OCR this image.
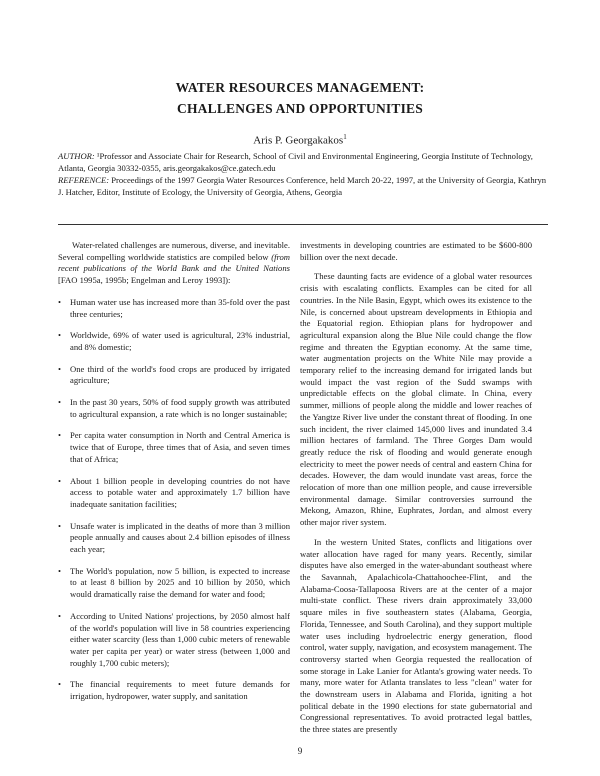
WATER RESOURCES MANAGEMENT:
CHALLENGES AND OPPORTUNITIES
Aris P. Georgakakos$^1$

AUTHOR: ¹Professor and Associate Chair for Research, School of Civil and Environmental Engineering, Georgia Institute of Technology, Atlanta, Georgia 30332-0355, aris.georgakakos@ce.gatech.edu

REFERENCE: Proceedings of the 1997 Georgia Water Resources Conference, held March 20-22, 1997, at the University of Georgia, Kathryn J. Hatcher, Editor, Institute of Ecology, the University of Georgia, Athens, Georgia

Water-related challenges are numerous, diverse, and inevitable. Several compelling worldwide statistics are compiled below (from recent publications of the World Bank and the United Nations [FAO 1995a, 1995b; Engelman and Leroy 1993]):

• Human water use has increased more than 35-fold over the past three centuries;
• Worldwide, 69% of water used is agricultural, 23% industrial, and 8% domestic;
• One third of the world's food crops are produced by irrigated agriculture;
• In the past 30 years, 50% of food supply growth was attributed to agricultural expansion, a rate which is no longer sustainable;
• Per capita water consumption in North and Central America is twice that of Europe, three times that of Asia, and seven times that of Africa;
• About 1 billion people in developing countries do not have access to potable water and approximately 1.7 billion have inadequate sanitation facilities;
• Unsafe water is implicated in the deaths of more than 3 million people annually and causes about 2.4 billion episodes of illness each year;
• The World's population, now 5 billion, is expected to increase to at least 8 billion by 2025 and 10 billion by 2050, which would dramatically raise the demand for water and food;
• According to United Nations' projections, by 2050 almost half of the world's population will live in 58 countries experiencing either water scarcity (less than 1,000 cubic meters of renewable water per capita per year) or water stress (between 1,000 and roughly 1,700 cubic meters);
• The financial requirements to meet future demands for irrigation, hydropower, water supply, and sanitation

investments in developing countries are estimated to be $600-800 billion over the next decade.

These daunting facts are evidence of a global water resources crisis with escalating conflicts. Examples can be cited for all countries. In the Nile Basin, Egypt, which owes its existence to the Nile, is concerned about upstream developments in Ethiopia and the Equatorial region. Ethiopian plans for hydropower and agricultural expansion along the Blue Nile could change the flow regime and threaten the Egyptian economy. At the same time, water augmentation projects on the White Nile may provide a temporary relief to the increasing demand for irrigated lands but would impact the vast region of the Sudd swamps with unpredictable effects on the global climate. In China, every summer, millions of people along the middle and lower reaches of the Yangtze River live under the constant threat of flooding. In one such incident, the river claimed 145,000 lives and inundated 3.4 million hectares of farmland. The Three Gorges Dam would greatly reduce the risk of flooding and would generate enough electricity to meet the power needs of central and eastern China for decades. However, the dam would inundate vast areas, force the relocation of more than one million people, and cause irreversible environmental damage. Similar controversies surround the Mekong, Amazon, Rhine, Euphrates, Jordan, and almost every other major river system.

In the western United States, conflicts and litigations over water allocation have raged for many years. Recently, similar disputes have also emerged in the water-abundant southeast where the Savannah, Apalachicola-Chattahoochee-Flint, and the Alabama-Coosa-Tallapoosa Rivers are at the center of a major multi-state conflict. These rivers drain approximately 33,000 square miles in five southeastern states (Alabama, Georgia, Florida, Tennessee, and South Carolina), and they support multiple water uses including hydroelectric energy generation, flood control, water supply, navigation, and ecosystem management. The controversy started when Georgia requested the reallocation of some storage in Lake Lanier for Atlanta's growing water needs. To many, more water for Atlanta translates to less "clean" water for the downstream users in Alabama and Florida, igniting a hot political debate in the 1990 elections for state gubernatorial and Congressional representatives. To avoid protracted legal battles, the three states are presently

9
